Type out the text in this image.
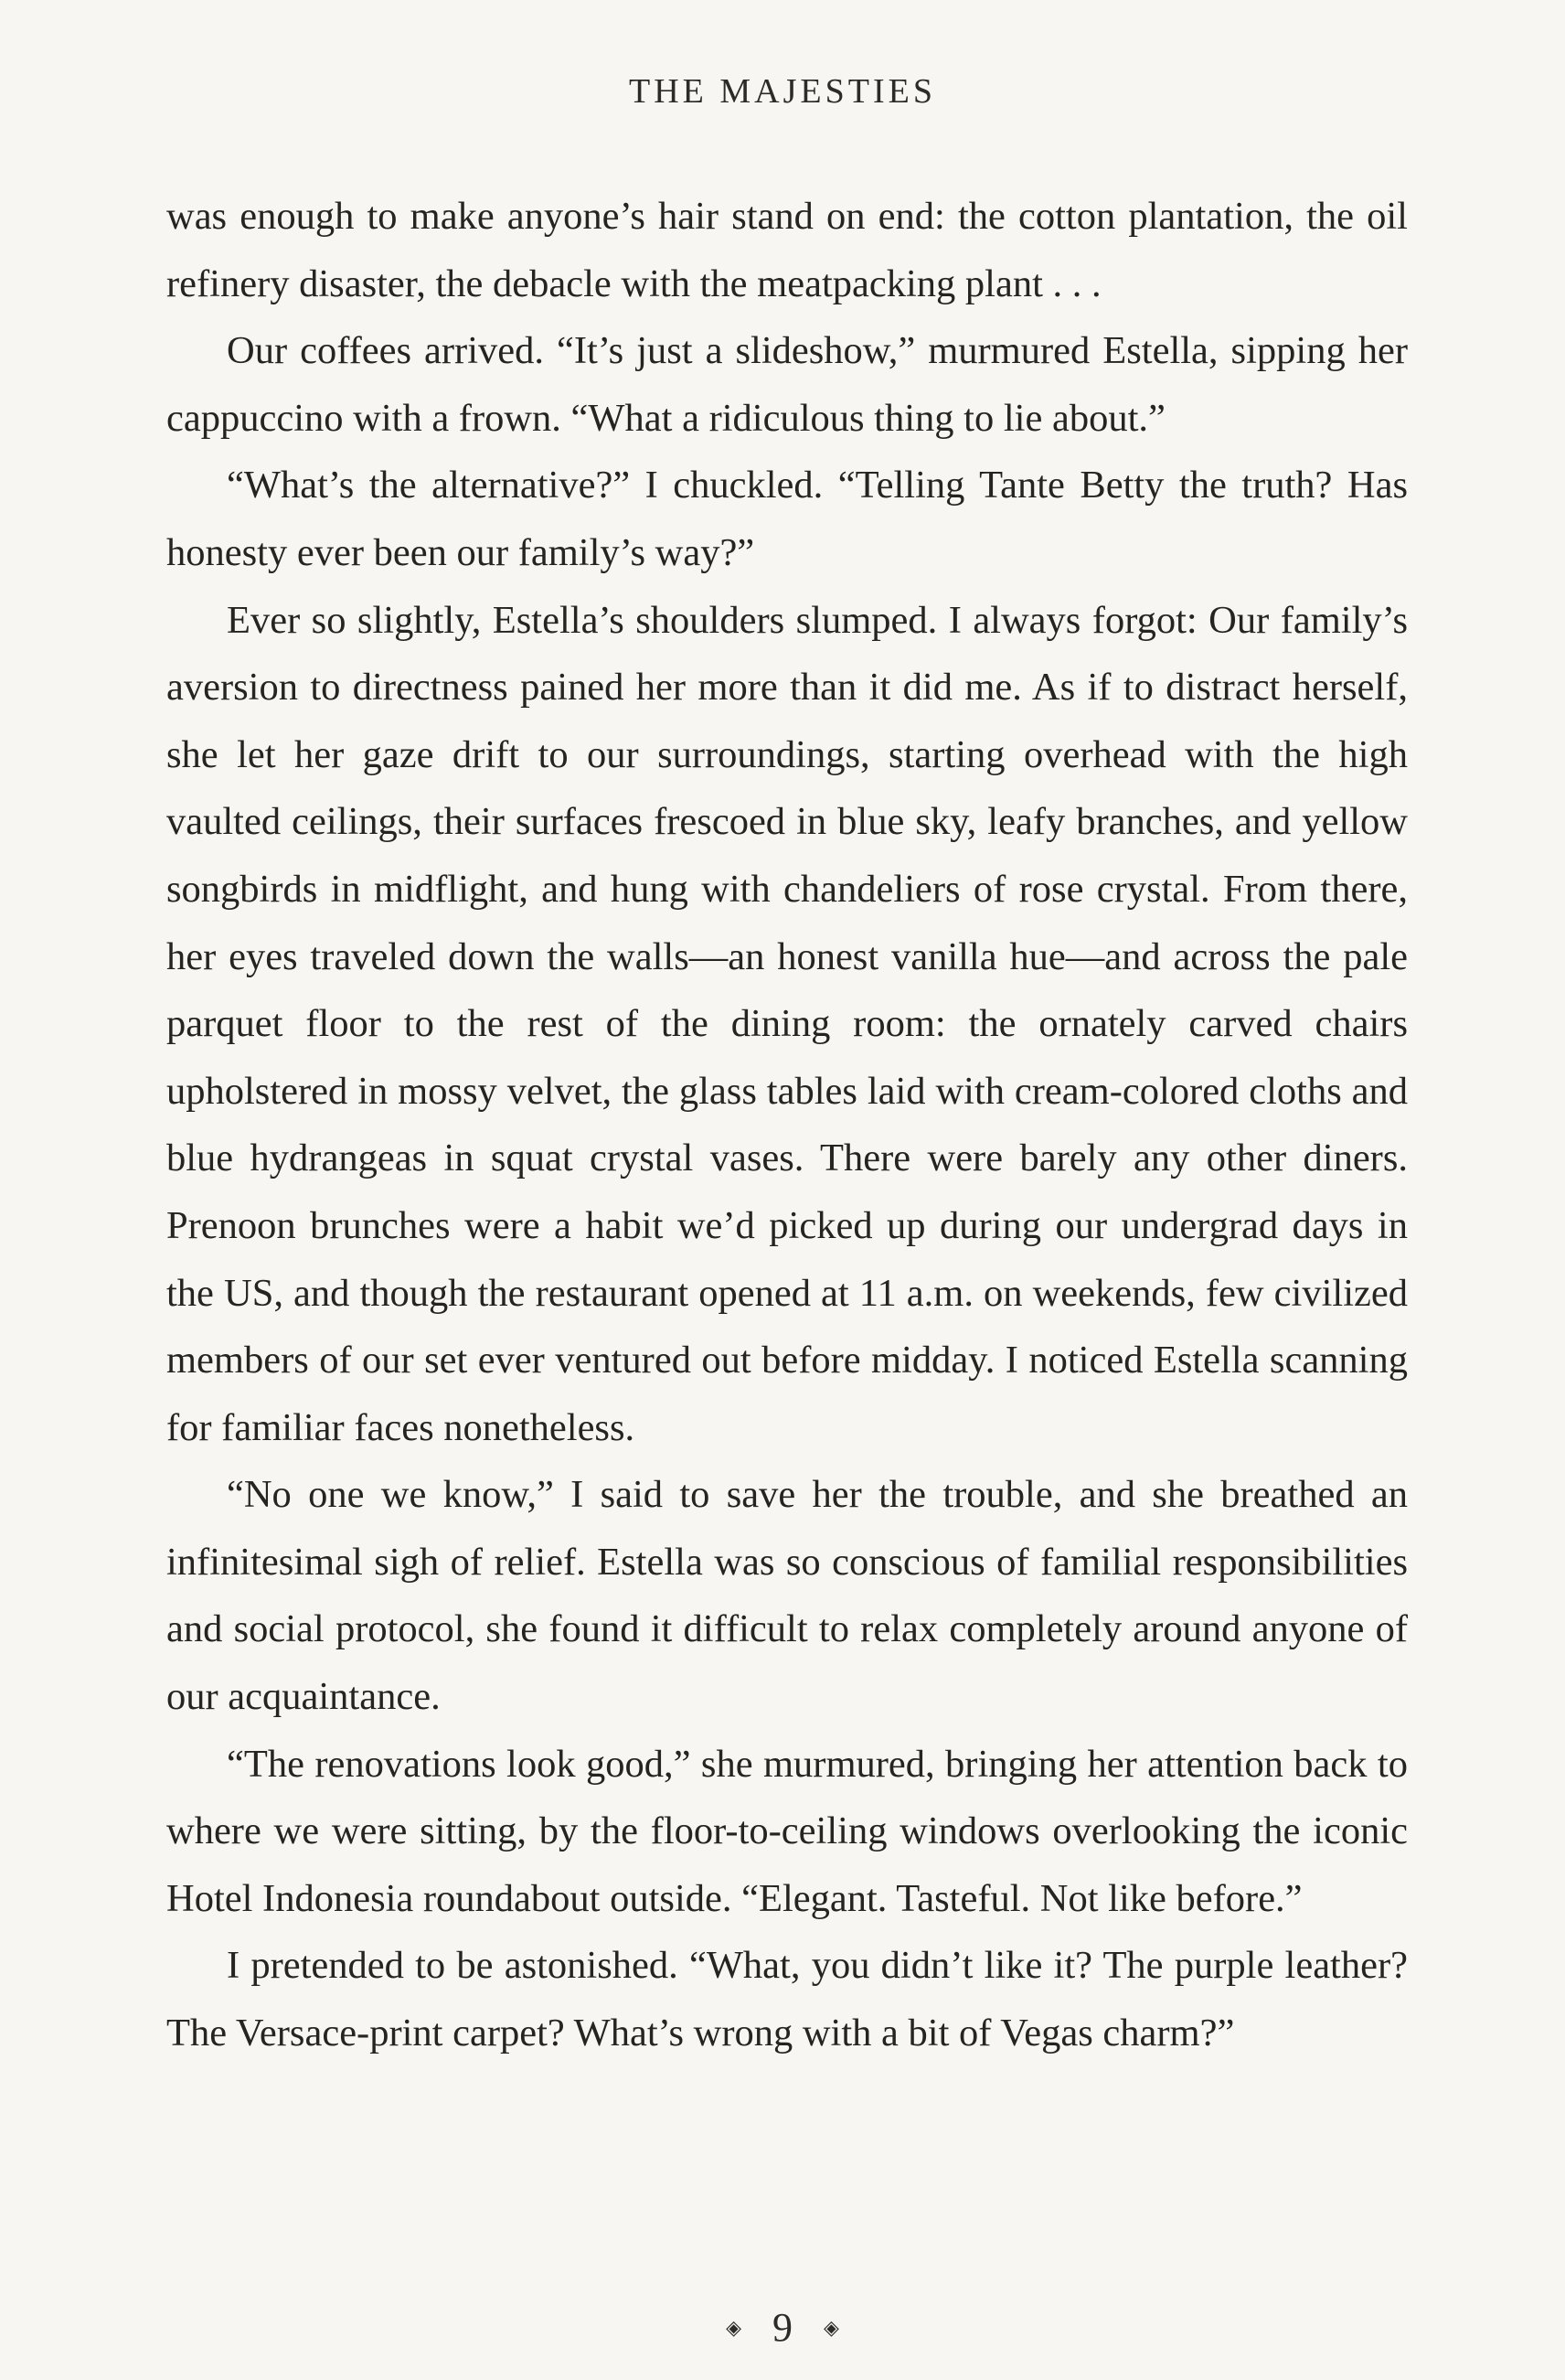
THE MAJESTIES

was enough to make anyone’s hair stand on end: the cotton plantation, the oil refinery disaster, the debacle with the meatpacking plant . . .

Our coffees arrived. “It’s just a slideshow,” murmured Estella, sipping her cappuccino with a frown. “What a ridiculous thing to lie about.”

“What’s the alternative?” I chuckled. “Telling Tante Betty the truth? Has honesty ever been our family’s way?”

Ever so slightly, Estella’s shoulders slumped. I always forgot: Our family’s aversion to directness pained her more than it did me. As if to distract herself, she let her gaze drift to our surroundings, starting overhead with the high vaulted ceilings, their surfaces frescoed in blue sky, leafy branches, and yellow songbirds in midflight, and hung with chandeliers of rose crystal. From there, her eyes traveled down the walls—an honest vanilla hue—and across the pale parquet floor to the rest of the dining room: the ornately carved chairs upholstered in mossy velvet, the glass tables laid with cream-colored cloths and blue hydrangeas in squat crystal vases. There were barely any other diners. Prenoon brunches were a habit we’d picked up during our undergrad days in the US, and though the restaurant opened at 11 a.m. on weekends, few civilized members of our set ever ventured out before midday. I noticed Estella scanning for familiar faces nonetheless.

“No one we know,” I said to save her the trouble, and she breathed an infinitesimal sigh of relief. Estella was so conscious of familial responsibilities and social protocol, she found it difficult to relax completely around anyone of our acquaintance.

“The renovations look good,” she murmured, bringing her attention back to where we were sitting, by the floor-to-ceiling windows overlooking the iconic Hotel Indonesia roundabout outside. “Elegant. Tasteful. Not like before.”

I pretended to be astonished. “What, you didn’t like it? The purple leather? The Versace-print carpet? What’s wrong with a bit of Vegas charm?”

◈ 9 ◈
